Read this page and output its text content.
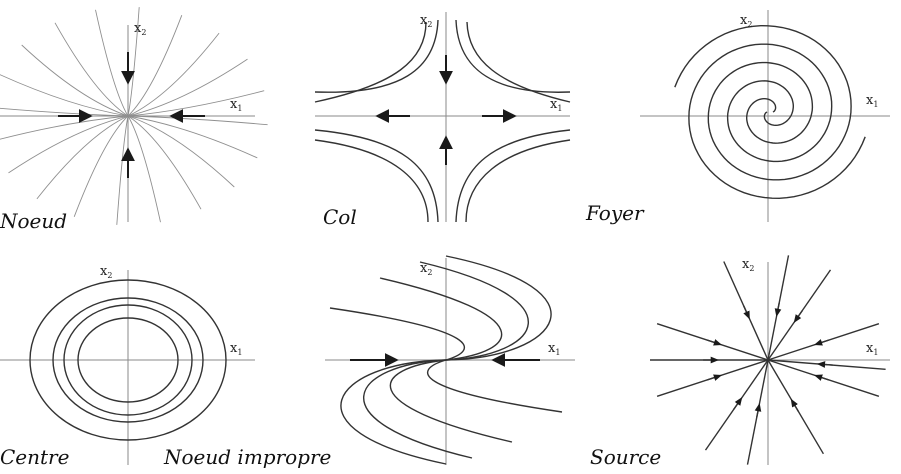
$x_2$
$x_1$
Noeud
$x_2$
$x_1$
Col
$x_2$
$x_1$
Foyer
$x_2$
$x_1$
Centre
$x_2$
$x_1$
Noeud impropre
$x_2$
$x_1$
Source
